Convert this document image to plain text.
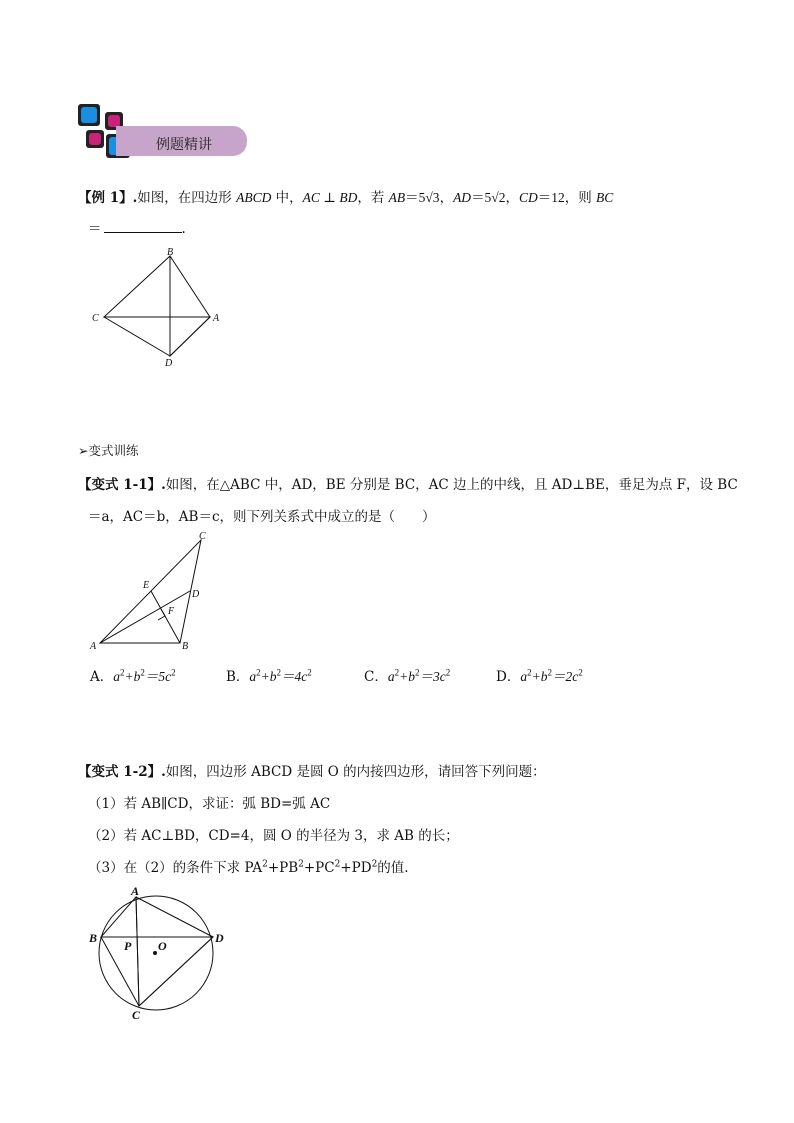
例题精讲
【例 1】.如图，在四边形 ABCD 中，AC ⊥ BD，若 AB＝5√3，AD＝5√2，CD＝12，则 BC
＝	.
B
C	A
D
➢变式训练
【变式 1-1】.如图，在△ABC 中，AD，BE 分别是 BC，AC 边上的中线，且 AD⊥BE，垂足为点 F，设 BC
＝a，AC＝b，AB＝c，则下列关系式中成立的是（　　）
C
E
D
F
A	B
A．$a^2+b^2=5c^2$	B．$a^2+b^2=4c^2$	C．$a^2+b^2=3c^2$	D．$a^2+b^2=2c^2$
【变式 1-2】.如图，四边形 ABCD 是圆 O 的内接四边形，请回答下列问题：
（1）若 AB∥CD，求证：弧 BD=弧 AC
（2）若 AC⊥BD，CD=4，圆 O 的半径为 3，求 AB 的长；
（3）在（2）的条件下求 $PA^2+PB^2+PC^2+PD^2$的值.
A
B	D
P O
C
